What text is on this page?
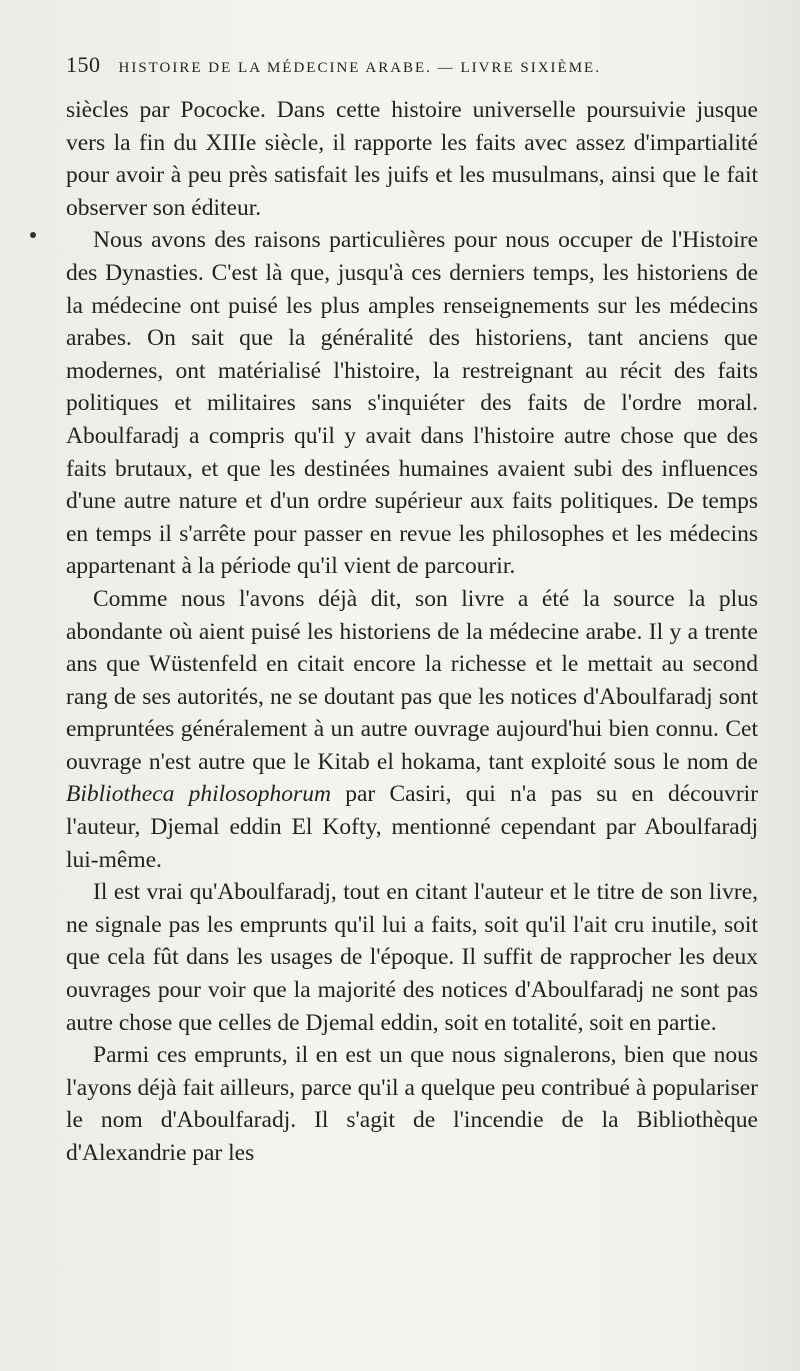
150 HISTOIRE DE LA MÉDECINE ARABE. — LIVRE SIXIÈME.

siècles par Pococke. Dans cette histoire universelle poursuivie jusque vers la fin du XIIIe siècle, il rapporte les faits avec assez d'impartialité pour avoir à peu près satisfait les juifs et les musulmans, ainsi que le fait observer son éditeur.

Nous avons des raisons particulières pour nous occuper de l'Histoire des Dynasties. C'est là que, jusqu'à ces derniers temps, les historiens de la médecine ont puisé les plus amples renseignements sur les médecins arabes. On sait que la généralité des historiens, tant anciens que modernes, ont matérialisé l'histoire, la restreignant au récit des faits politiques et militaires sans s'inquiéter des faits de l'ordre moral. Aboulfaradj a compris qu'il y avait dans l'histoire autre chose que des faits brutaux, et que les destinées humaines avaient subi des influences d'une autre nature et d'un ordre supérieur aux faits politiques. De temps en temps il s'arrête pour passer en revue les philosophes et les médecins appartenant à la période qu'il vient de parcourir.

Comme nous l'avons déjà dit, son livre a été la source la plus abondante où aient puisé les historiens de la médecine arabe. Il y a trente ans que Wüstenfeld en citait encore la richesse et le mettait au second rang de ses autorités, ne se doutant pas que les notices d'Aboulfaradj sont empruntées généralement à un autre ouvrage aujourd'hui bien connu. Cet ouvrage n'est autre que le Kitab el hokama, tant exploité sous le nom de Bibliotheca philosophorum par Casiri, qui n'a pas su en découvrir l'auteur, Djemal eddin El Kofty, mentionné cependant par Aboulfaradj lui-même.

Il est vrai qu'Aboulfaradj, tout en citant l'auteur et le titre de son livre, ne signale pas les emprunts qu'il lui a faits, soit qu'il l'ait cru inutile, soit que cela fût dans les usages de l'époque. Il suffit de rapprocher les deux ouvrages pour voir que la majorité des notices d'Aboulfaradj ne sont pas autre chose que celles de Djemal eddin, soit en totalité, soit en partie.

Parmi ces emprunts, il en est un que nous signalerons, bien que nous l'ayons déjà fait ailleurs, parce qu'il a quelque peu contribué à populariser le nom d'Aboulfaradj. Il s'agit de l'incendie de la Bibliothèque d'Alexandrie par les
